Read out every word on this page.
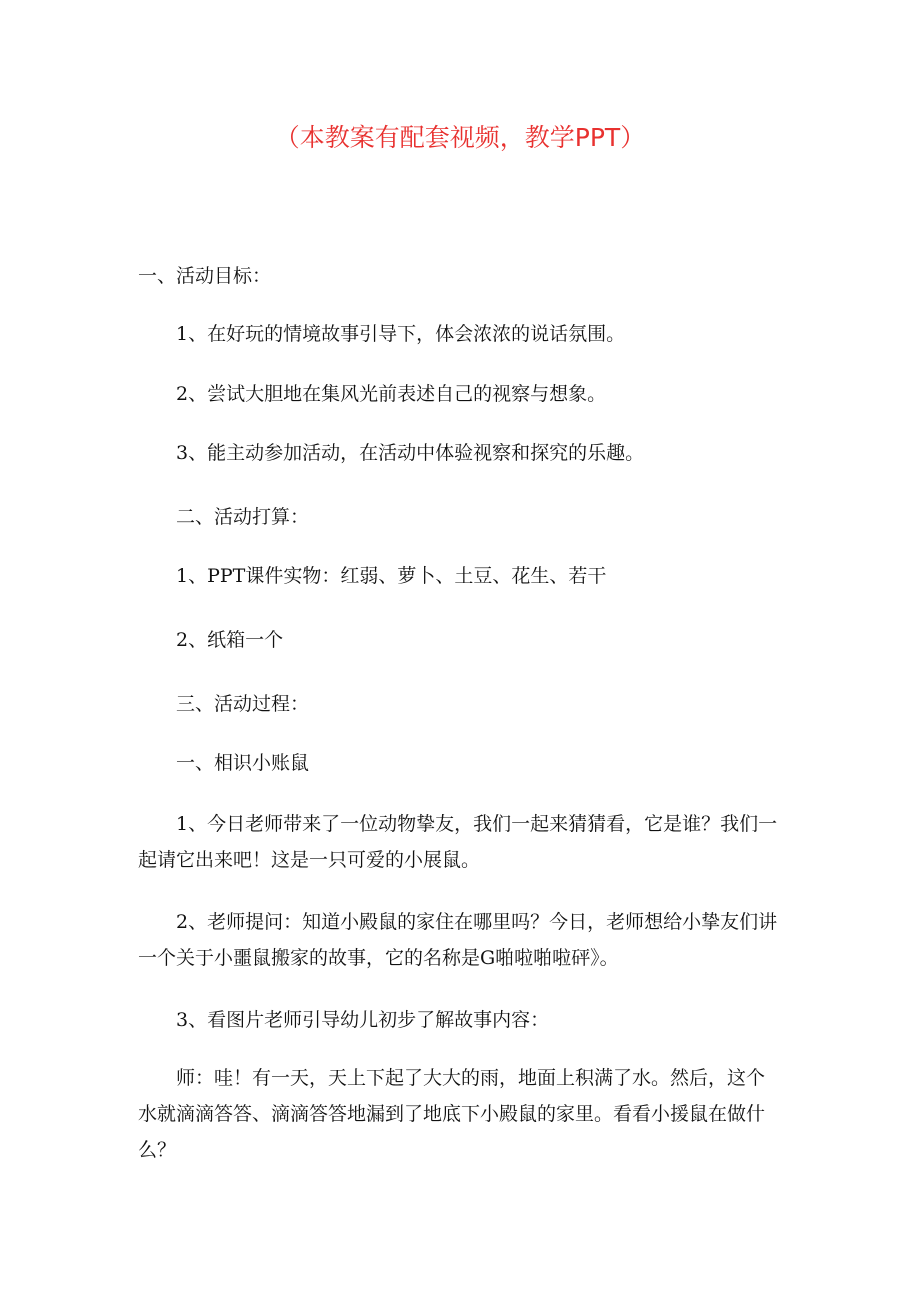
（本教案有配套视频，教学PPT）
一、活动目标：
1、在好玩的情境故事引导下，体会浓浓的说话氛围。
2、尝试大胆地在集风光前表述自己的视察与想象。
3、能主动参加活动，在活动中体验视察和探究的乐趣。
二、活动打算：
1、PPT课件实物：红弱、萝卜、土豆、花生、若干
2、纸箱一个
三、活动过程：
一、相识小账鼠

1、今日老师带来了一位动物挚友，我们一起来猜猜看，它是谁？我们一起请它出来吧！这是一只可爱的小展鼠。

2、老师提问：知道小殿鼠的家住在哪里吗？今日，老师想给小挚友们讲一个关于小噩鼠搬家的故事，它的名称是G啪啦啪啦砰》。

3、看图片老师引导幼儿初步了解故事内容：

师：哇！有一天，天上下起了大大的雨，地面上积满了水。然后，这个水就滴滴答答、滴滴答答地漏到了地底下小殿鼠的家里。看看小援鼠在做什么？
